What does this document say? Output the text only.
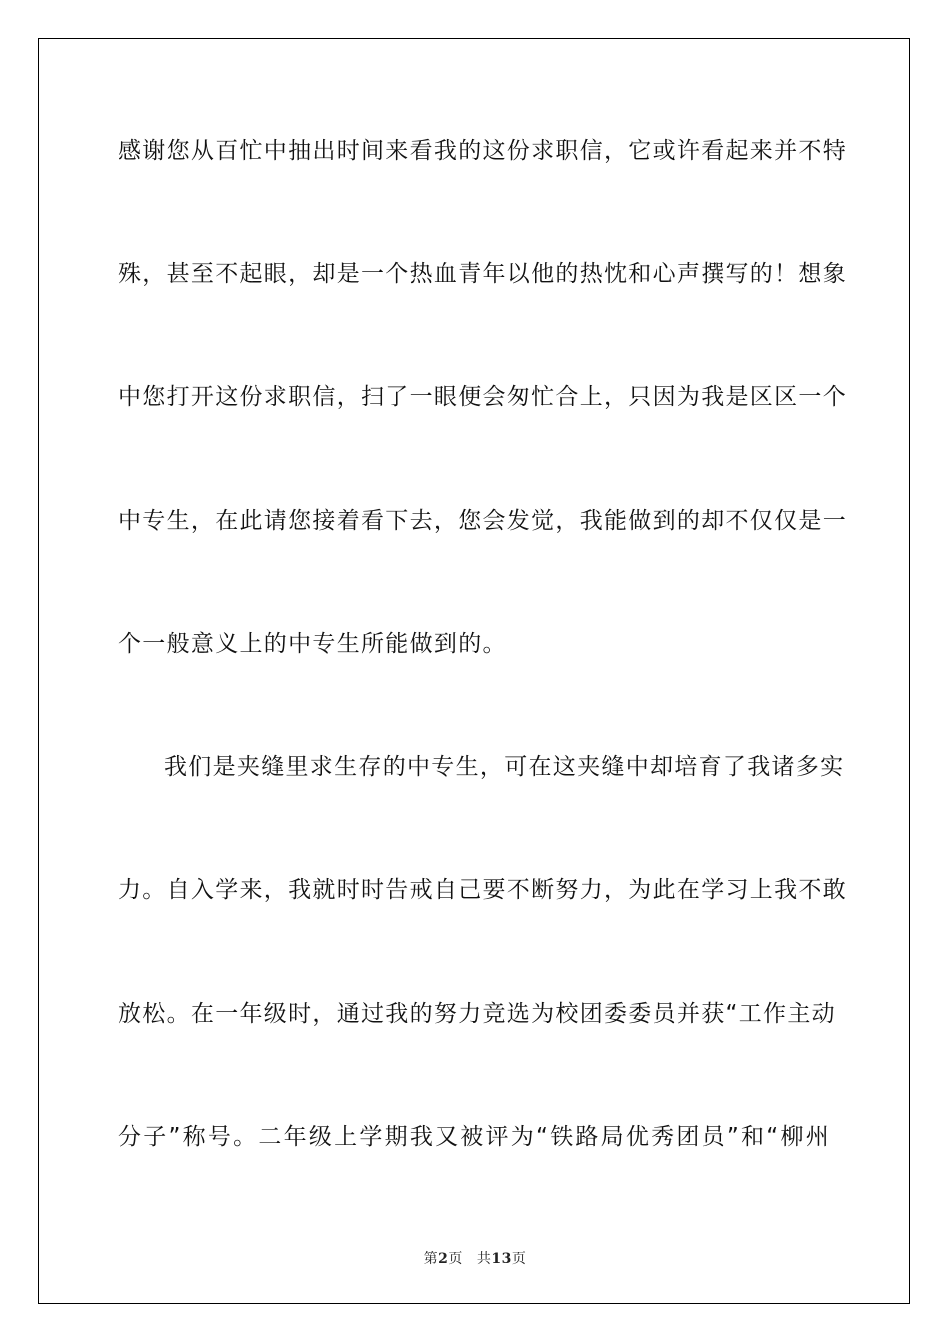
感谢您从百忙中抽出时间来看我的这份求职信，它或许看起来并不特

殊，甚至不起眼，却是一个热血青年以他的热忱和心声撰写的！想象

中您打开这份求职信，扫了一眼便会匆忙合上，只因为我是区区一个

中专生，在此请您接着看下去，您会发觉，我能做到的却不仅仅是一

个一般意义上的中专生所能做到的。

我们是夹缝里求生存的中专生，可在这夹缝中却培育了我诸多实

力。自入学来，我就时时告戒自己要不断努力，为此在学习上我不敢

放松。在一年级时，通过我的努力竞选为校团委委员并获“工作主动

分子”称号。二年级上学期我又被评为“铁路局优秀团员”和“柳州

第2页 共13页
